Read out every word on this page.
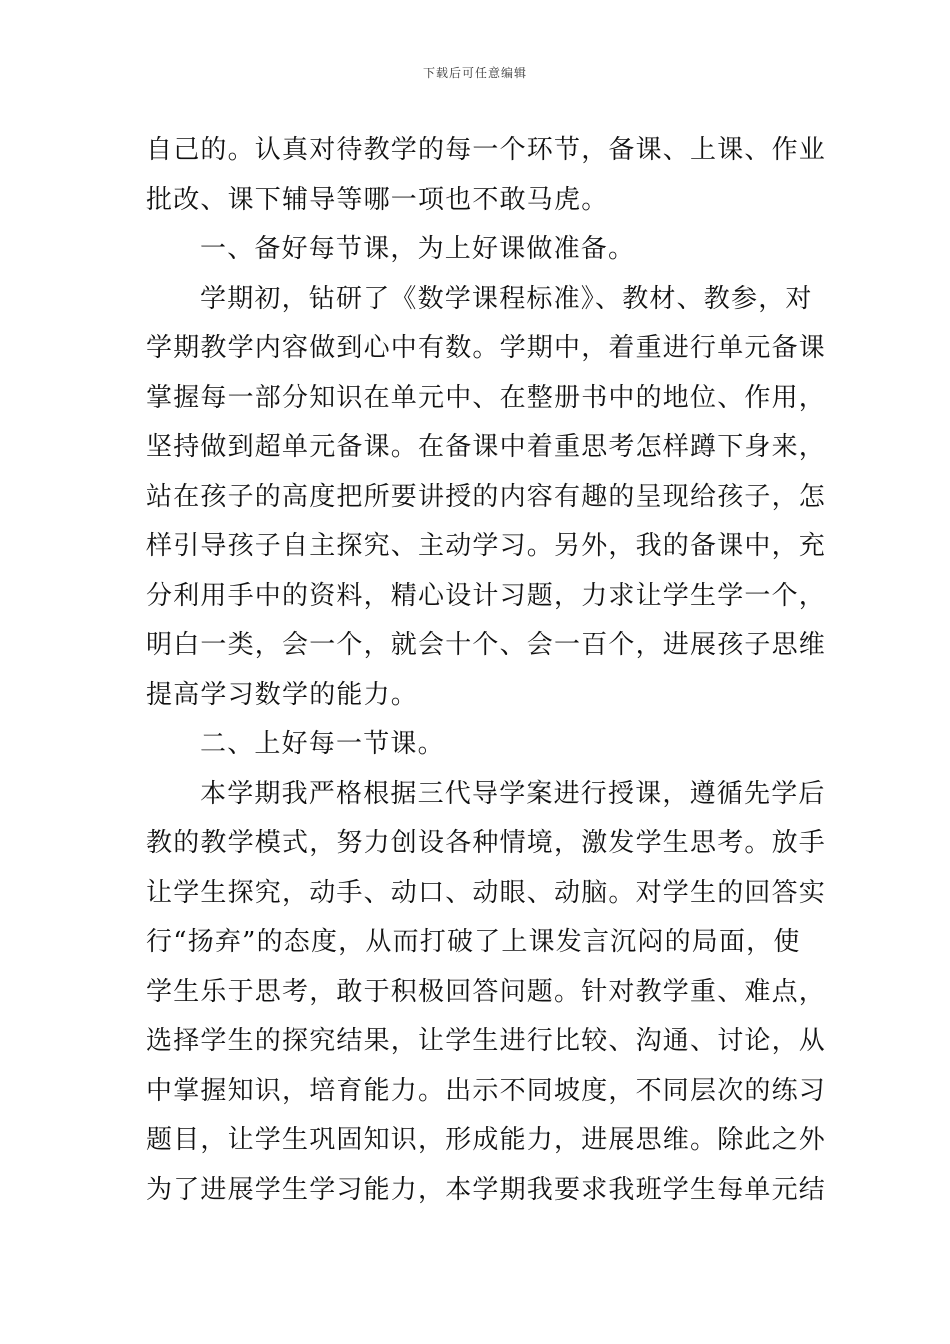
下载后可任意编辑
自己的。认真对待教学的每一个环节，备课、上课、作业
批改、课下辅导等哪一项也不敢马虎。
一、备好每节课，为上好课做准备。
学期初，钻研了《数学课程标准》、教材、教参，对
学期教学内容做到心中有数。学期中，着重进行单元备课
掌握每一部分知识在单元中、在整册书中的地位、作用，
坚持做到超单元备课。在备课中着重思考怎样蹲下身来，
站在孩子的高度把所要讲授的内容有趣的呈现给孩子，怎
样引导孩子自主探究、主动学习。另外，我的备课中，充
分利用手中的资料，精心设计习题，力求让学生学一个，
明白一类，会一个，就会十个、会一百个，进展孩子思维
提高学习数学的能力。
二、上好每一节课。
本学期我严格根据三代导学案进行授课，遵循先学后
教的教学模式，努力创设各种情境，激发学生思考。放手
让学生探究，动手、动口、动眼、动脑。对学生的回答实
行“扬弃”的态度，从而打破了上课发言沉闷的局面，使
学生乐于思考，敢于积极回答问题。针对教学重、难点，
选择学生的探究结果，让学生进行比较、沟通、讨论，从
中掌握知识，培育能力。出示不同坡度，不同层次的练习
题目，让学生巩固知识，形成能力，进展思维。除此之外
为了进展学生学习能力，本学期我要求我班学生每单元结
